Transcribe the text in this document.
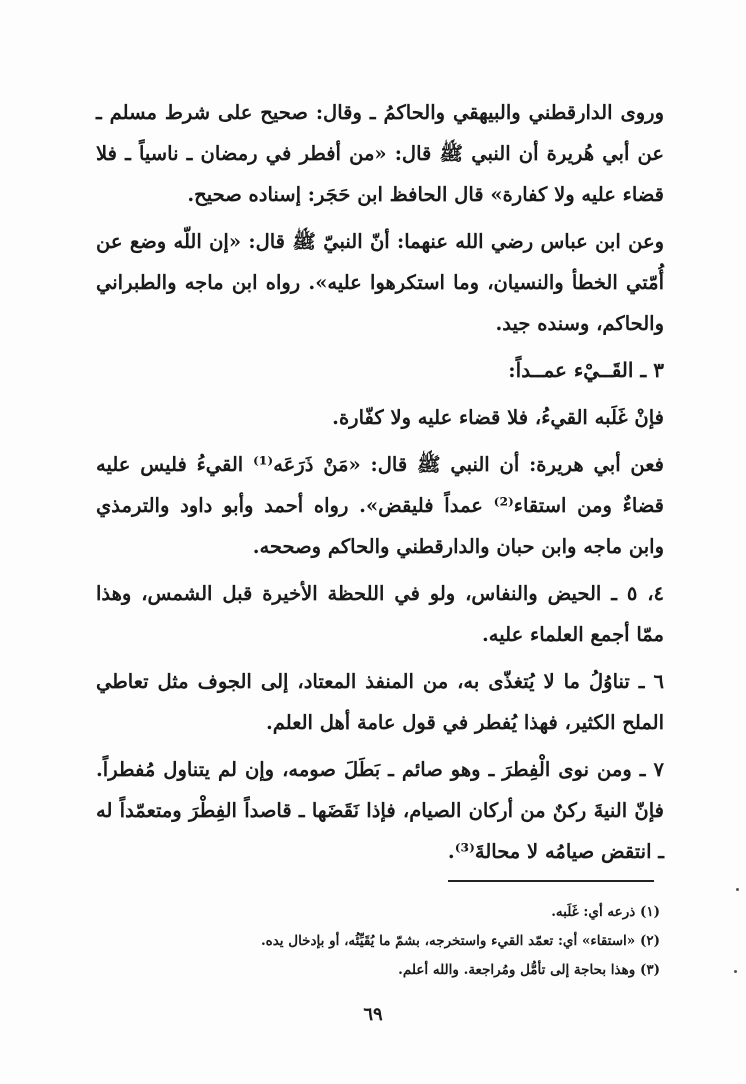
وروى الدارقطني والبيهقي والحاكمُ ـ وقال: صحيح على شرط مسلم ـ عن أبي هُريرة أن النبي ﷺ قال: «من أفطر في رمضان ـ ناسياً ـ فلا قضاء عليه ولا كفارة» قال الحافظ ابن حَجَر: إسناده صحيح.

وعن ابن عباس رضي الله عنهما: أنّ النبيّ ﷺ قال: «إن اللّه وضع عن أُمّتي الخطأ والنسيان، وما استكرهوا عليه». رواه ابن ماجه والطبراني والحاكم، وسنده جيد.

٣ ـ القَــيْء عمــداً:

فإنْ غَلَبه القيءُ، فلا قضاء عليه ولا كفّارة.

فعن أبي هريرة: أن النبي ﷺ قال: «مَنْ ذَرَعَه⁽¹⁾ القيءُ فليس عليه قضاءٌ ومن استقاء⁽²⁾ عمداً فليقض». رواه أحمد وأبو داود والترمذي وابن ماجه وابن حبان والدارقطني والحاكم وصححه.

٤، ٥ ـ الحيض والنفاس، ولو في اللحظة الأخيرة قبل الشمس، وهذا ممّا أجمع العلماء عليه.

٦ ـ تناوُلُ ما لا يُتغذّى به، من المنفذ المعتاد، إلى الجوف مثل تعاطي الملح الكثير، فهذا يُفطر في قول عامة أهل العلم.

٧ ـ ومن نوى الْفِطرَ ـ وهو صائم ـ بَطَلَ صومه، وإن لم يتناول مُفطراً. فإنّ النيةَ ركنٌ من أركان الصيام، فإذا نَقَضَها ـ قاصداً الفِطْرَ ومتعمّداً له ـ انتقض صيامُه لا محالةَ⁽³⁾.

(١) ذرعه أي: غَلَبه.
(٢) «استقاء» أي: تعمّد القيء واستخرجه، بشمّ ما يُقَيِّئُه، أو بإدخال يده.
(٣) وهذا بحاجة إلى تأمُّل ومُراجعة. والله أعلم.
٦٩
